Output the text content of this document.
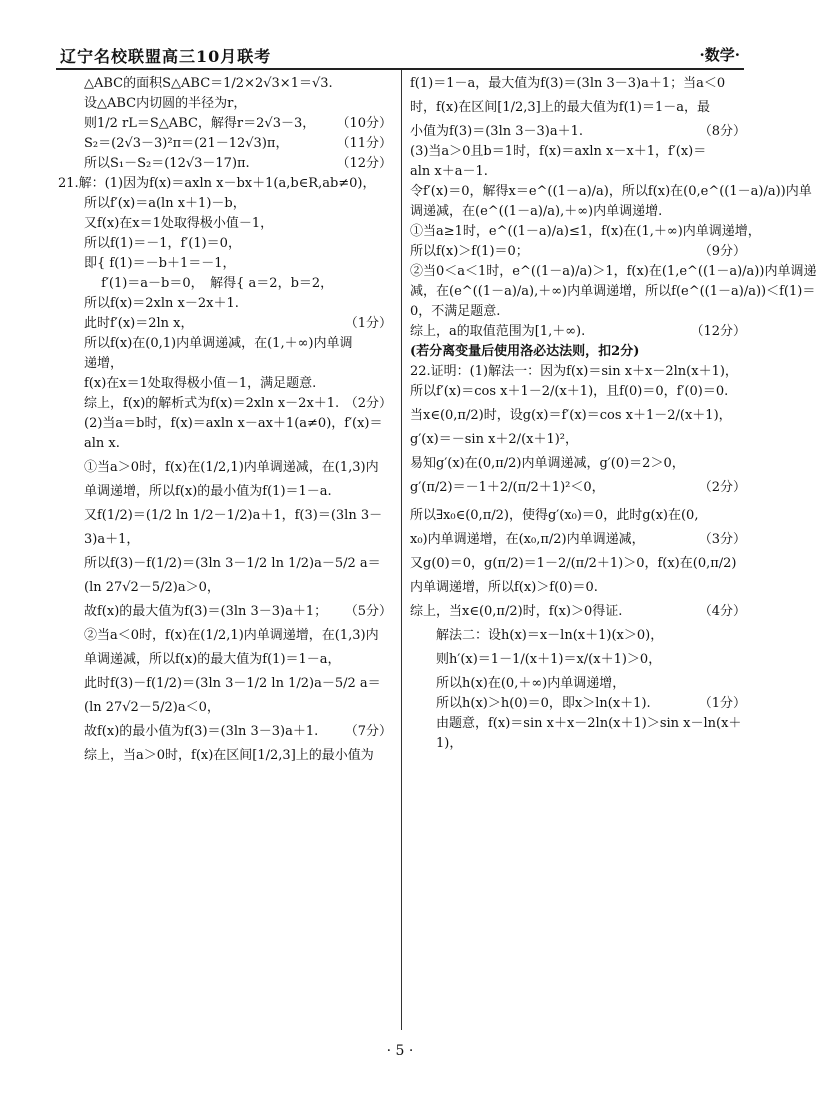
辽宁名校联盟高三10月联考	·数学·
△ABC的面积S△ABC＝1/2×2√3×1＝√3.
设△ABC内切圆的半径为r，
则1/2 rL＝S△ABC，解得r＝2√3－3，	（10分）
S₂＝(2√3－3)²π＝(21－12√3)π，	（11分）
所以S₁－S₂＝(12√3－17)π.	（12分）
21.解：(1)因为f(x)＝axln x－bx＋1(a,b∈R,ab≠0)，
所以f′(x)＝a(ln x＋1)－b，
又f(x)在x＝1处取得极小值－1，
所以f(1)＝－1，f′(1)＝0，
即{ f(1)＝－b＋1＝－1，
　 f′(1)＝a－b＝0，　解得{ a＝2，b＝2，
所以f(x)＝2xln x－2x＋1.
此时f′(x)＝2ln x，	（1分）
所以f(x)在(0,1)内单调递减，在(1,＋∞)内单调
递增，
f(x)在x＝1处取得极小值－1，满足题意.
综上，f(x)的解析式为f(x)＝2xln x－2x＋1. （2分）
(2)当a＝b时，f(x)＝axln x－ax＋1(a≠0)，f′(x)＝
aln x.
①当a＞0时，f(x)在(1/2,1)内单调递减，在(1,3)内
单调递增，所以f(x)的最小值为f(1)＝1－a.
又f(1/2)＝(1/2 ln 1/2－1/2)a＋1，f(3)＝(3ln 3－
3)a＋1，
所以f(3)－f(1/2)＝(3ln 3－1/2 ln 1/2)a－5/2 a＝
(ln 27√2－5/2)a＞0，
故f(x)的最大值为f(3)＝(3ln 3－3)a＋1；	（5分）
②当a＜0时，f(x)在(1/2,1)内单调递增，在(1,3)内
单调递减，所以f(x)的最大值为f(1)＝1－a，
此时f(3)－f(1/2)＝(3ln 3－1/2 ln 1/2)a－5/2 a＝
(ln 27√2－5/2)a＜0，
故f(x)的最小值为f(3)＝(3ln 3－3)a＋1.	（7分）
综上，当a＞0时，f(x)在区间[1/2,3]上的最小值为
f(1)＝1－a，最大值为f(3)＝(3ln 3－3)a＋1；当a＜0
时，f(x)在区间[1/2,3]上的最大值为f(1)＝1－a，最
小值为f(3)＝(3ln 3－3)a＋1.	（8分）
(3)当a＞0且b＝1时，f(x)＝axln x－x＋1，f′(x)＝
aln x＋a－1.
令f′(x)＝0，解得x＝e^((1－a)/a)，所以f(x)在(0,e^((1－a)/a))内单
调递减，在(e^((1－a)/a),＋∞)内单调递增.
①当a≥1时，e^((1－a)/a)≤1，f(x)在(1,＋∞)内单调递增，
所以f(x)＞f(1)＝0；	（9分）
②当0＜a＜1时，e^((1－a)/a)＞1，f(x)在(1,e^((1－a)/a))内单调递
减，在(e^((1－a)/a),＋∞)内单调递增，所以f(e^((1－a)/a))＜f(1)＝
0，不满足题意.
综上，a的取值范围为[1,＋∞).	（12分）
(若分离变量后使用洛必达法则，扣2分)
22.证明：(1)解法一：因为f(x)＝sin x＋x－2ln(x＋1)，
所以f′(x)＝cos x＋1－2/(x＋1)，且f(0)＝0，f′(0)＝0.
当x∈(0,π/2)时，设g(x)＝f′(x)＝cos x＋1－2/(x＋1)，
g′(x)＝－sin x＋2/(x＋1)²，
易知g′(x)在(0,π/2)内单调递减，g′(0)＝2＞0，
g′(π/2)＝－1＋2/(π/2＋1)²＜0，	（2分）
所以∃x₀∈(0,π/2)，使得g′(x₀)＝0，此时g(x)在(0,
x₀)内单调递增，在(x₀,π/2)内单调递减，	（3分）
又g(0)＝0，g(π/2)＝1－2/(π/2＋1)＞0，f(x)在(0,π/2)
内单调递增，所以f(x)＞f(0)＝0.
综上，当x∈(0,π/2)时，f(x)＞0得证.	（4分）
解法二：设h(x)＝x－ln(x＋1)(x＞0)，
则h′(x)＝1－1/(x＋1)＝x/(x＋1)＞0，
所以h(x)在(0,＋∞)内单调递增，
所以h(x)＞h(0)＝0，即x＞ln(x＋1).	（1分）
由题意，f(x)＝sin x＋x－2ln(x＋1)＞sin x－ln(x＋
1)，
· 5 ·
